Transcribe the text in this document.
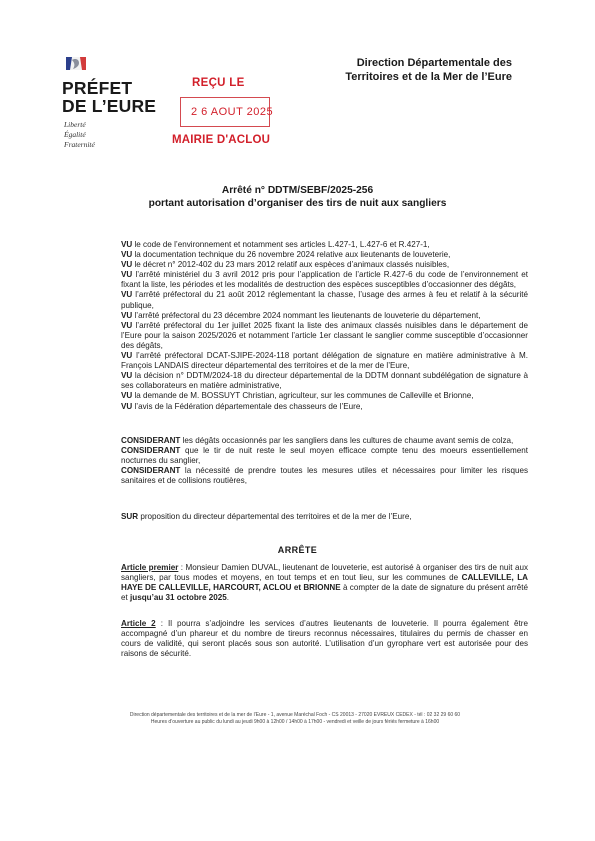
PRÉFET
DE L’EURE
Liberté
Égalité
Fraternité
Direction Départementale des
Territoires et de la Mer de l’Eure
REÇU LE
2 6 AOUT 2025
MAIRIE D'ACLOU
Arrêté n° DDTM/SEBF/2025-256
portant autorisation d’organiser des tirs de nuit aux sangliers

VU le code de l’environnement et notamment ses articles L.427-1, L.427-6 et R.427-1,

VU la documentation technique du 26 novembre 2024 relative aux lieutenants de louveterie,

VU le décret n° 2012-402 du 23 mars 2012 relatif aux espèces d’animaux classés nuisibles,

VU l’arrêté ministériel du 3 avril 2012 pris pour l’application de l’article R.427-6 du code de l’environnement et fixant la liste, les périodes et les modalités de destruction des espèces susceptibles d’occasionner des dégâts,

VU l’arrêté préfectoral du 21 août 2012 réglementant la chasse, l’usage des armes à feu et relatif à la sécurité publique,

VU l’arrêté préfectoral du 23 décembre 2024 nommant les lieutenants de louveterie du département,

VU l’arrêté préfectoral du 1er juillet 2025 fixant la liste des animaux classés nuisibles dans le département de l’Eure pour la saison 2025/2026 et notamment l’article 1er classant le sanglier comme susceptible d’occasionner des dégâts,

VU l’arrêté préfectoral DCAT-SJIPE-2024-118 portant délégation de signature en matière administrative à M. François LANDAIS directeur départemental des territoires et de la mer de l’Eure,

VU la décision n° DDTM/2024-18 du directeur départemental de la DDTM donnant subdélégation de signature à ses collaborateurs en matière administrative,

VU la demande de M. BOSSUYT Christian, agriculteur, sur les communes de Calleville et Brionne,

VU l’avis de la Fédération départementale des chasseurs de l’Eure,

CONSIDERANT les dégâts occasionnés par les sangliers dans les cultures de chaume avant semis de colza,

CONSIDERANT que le tir de nuit reste le seul moyen efficace compte tenu des moeurs essentiellement nocturnes du sanglier,

CONSIDERANT la nécessité de prendre toutes les mesures utiles et nécessaires pour limiter les risques sanitaires et de collisions routières,

SUR proposition du directeur départemental des territoires et de la mer de l’Eure,

ARRÊTE

Article premier : Monsieur Damien DUVAL, lieutenant de louveterie, est autorisé à organiser des tirs de nuit aux sangliers, par tous modes et moyens, en tout temps et en tout lieu, sur les communes de CALLEVILLE, LA HAYE DE CALLEVILLE, HARCOURT, ACLOU et BRIONNE à compter de la date de signature du présent arrêté et jusqu’au 31 octobre 2025.

Article 2 : Il pourra s’adjoindre les services d’autres lieutenants de louveterie. Il pourra également être accompagné d’un phareur et du nombre de tireurs reconnus nécessaires, titulaires du permis de chasser en cours de validité, qui seront placés sous son autorité. L’utilisation d’un gyrophare vert est autorisée pour des raisons de sécurité.

Direction départementale des territoires et de la mer de l’Eure - 1, avenue Maréchal Foch - CS 20013 - 27020 EVREUX CEDEX - tél : 02 32 29 60 60
Heures d’ouverture au public du lundi au jeudi 9h00 à 12h00 / 14h00 à 17h00 - vendredi et veille de jours fériés fermeture à 16h00
